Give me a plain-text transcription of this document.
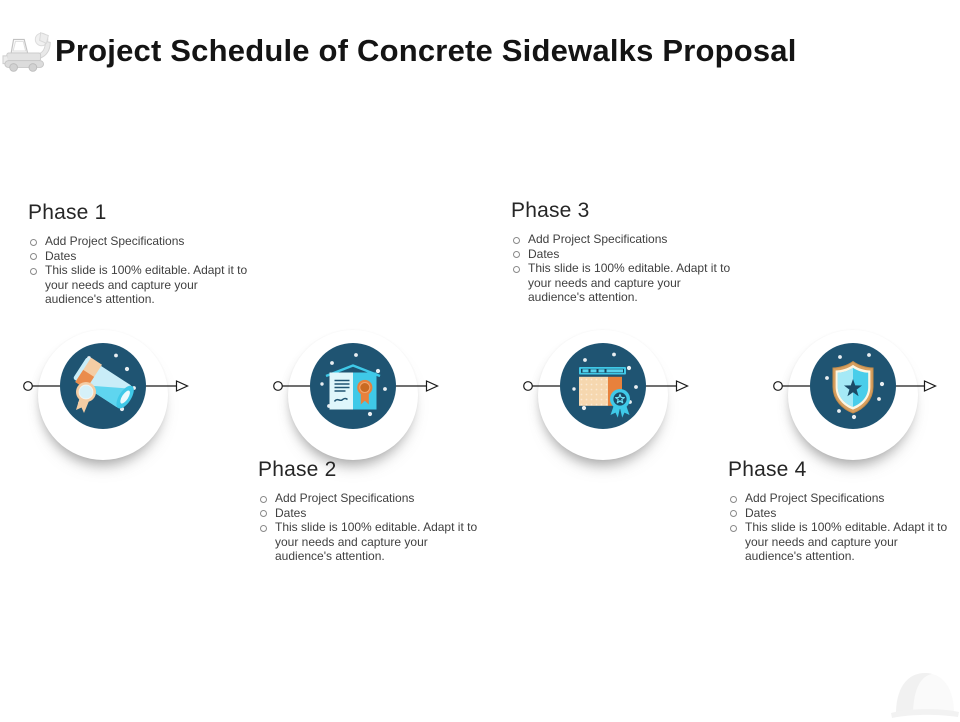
Project Schedule of Concrete Sidewalks Proposal
Phase 1
Add Project Specifications
Dates
This slide is 100% editable. Adapt it to your needs and capture your audience's attention.
Phase 2
Add Project Specifications
Dates
This slide is 100% editable. Adapt it to your needs and capture your audience's attention.
Phase 3
Add Project Specifications
Dates
This slide is 100% editable. Adapt it to your needs and capture your audience's attention.
Phase 4
Add Project Specifications
Dates
This slide is 100% editable. Adapt it to your needs and capture your audience's attention.
